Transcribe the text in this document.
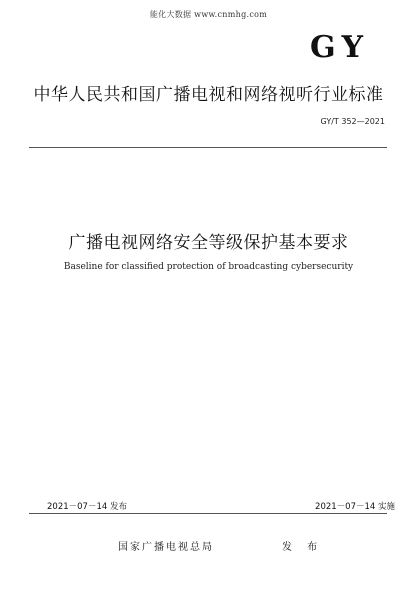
能化大数据 www.cnmhg.com
GY
中华人民共和国广播电视和网络视听行业标准
GY/T 352—2021
广播电视网络安全等级保护基本要求
Baseline for classified protection of broadcasting cybersecurity
2021－07－14 发布	2021－07－14 实施
国家广播电视总局	发 布
